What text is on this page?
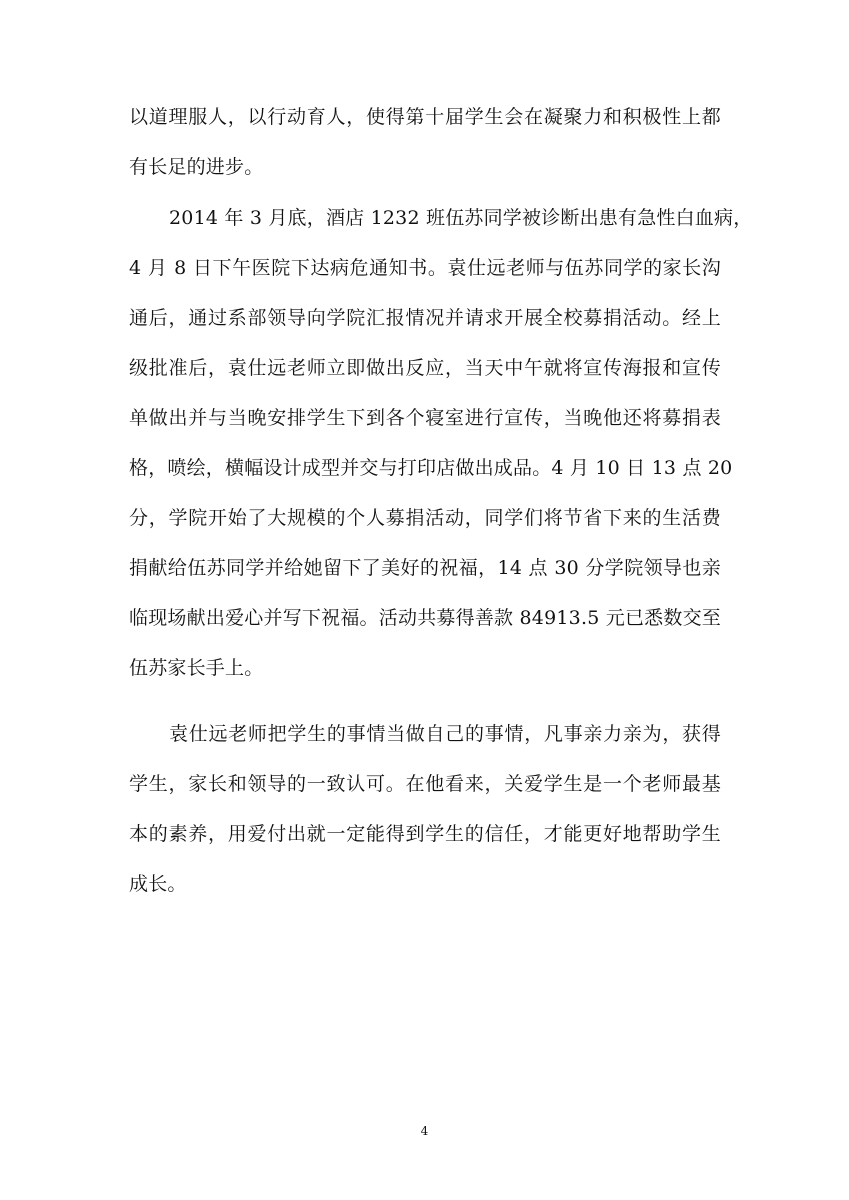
以道理服人，以行动育人，使得第十届学生会在凝聚力和积极性上都
有长足的进步。
2014 年 3 月底，酒店 1232 班伍苏同学被诊断出患有急性白血病，
4 月 8 日下午医院下达病危通知书。袁仕远老师与伍苏同学的家长沟
通后，通过系部领导向学院汇报情况并请求开展全校募捐活动。经上
级批准后，袁仕远老师立即做出反应，当天中午就将宣传海报和宣传
单做出并与当晚安排学生下到各个寝室进行宣传，当晚他还将募捐表
格，喷绘，横幅设计成型并交与打印店做出成品。4 月 10 日 13 点 20
分，学院开始了大规模的个人募捐活动，同学们将节省下来的生活费
捐献给伍苏同学并给她留下了美好的祝福，14 点 30 分学院领导也亲
临现场献出爱心并写下祝福。活动共募得善款 84913.5 元已悉数交至
伍苏家长手上。
袁仕远老师把学生的事情当做自己的事情，凡事亲力亲为，获得
学生，家长和领导的一致认可。在他看来，关爱学生是一个老师最基
本的素养，用爱付出就一定能得到学生的信任，才能更好地帮助学生
成长。
4
